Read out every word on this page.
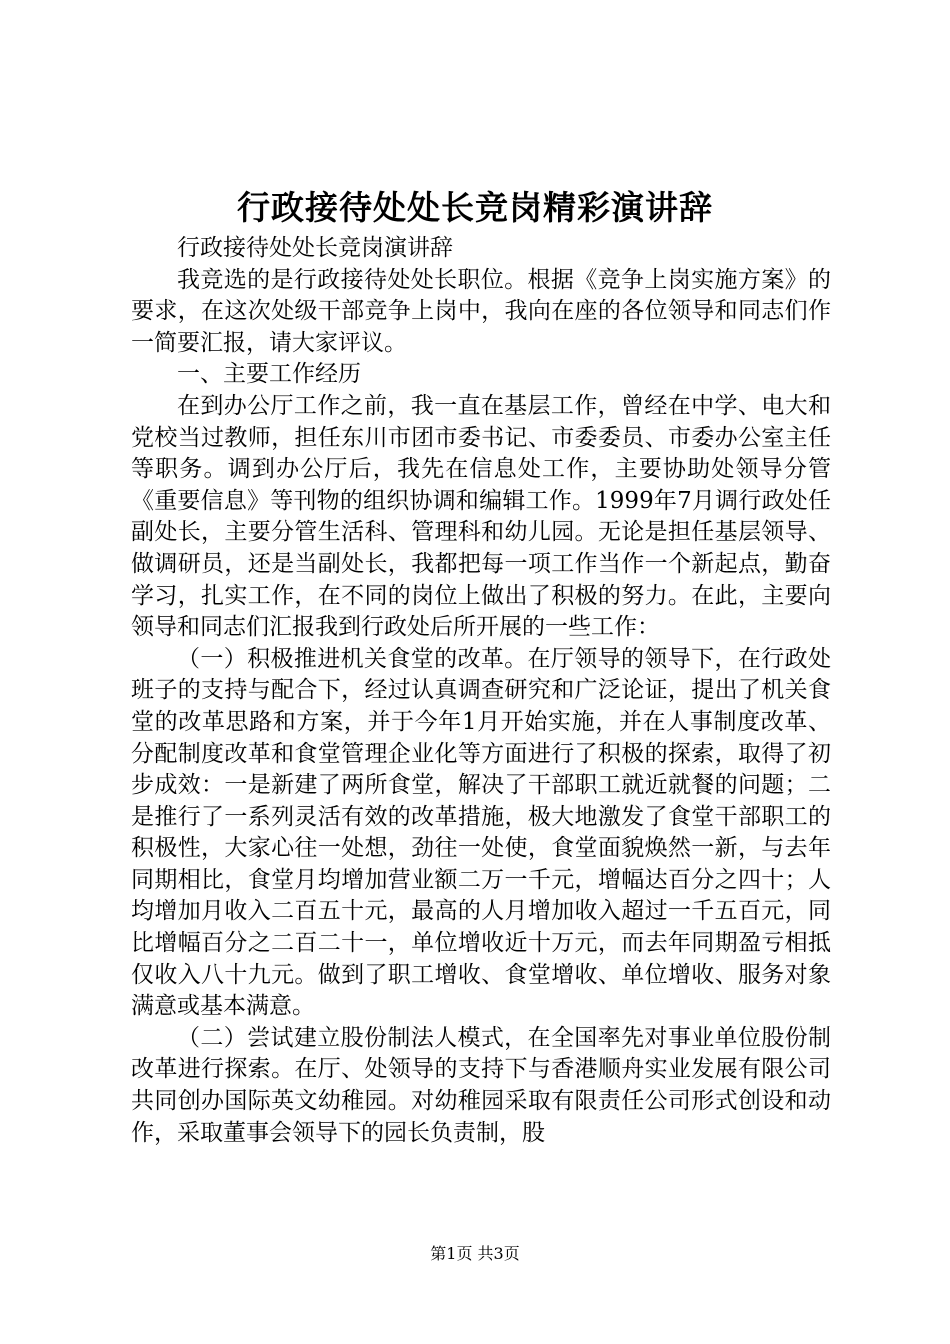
行政接待处处长竞岗精彩演讲辞

行政接待处处长竞岗演讲辞

我竞选的是行政接待处处长职位。根据《竞争上岗实施方案》的要求，在这次处级干部竞争上岗中，我向在座的各位领导和同志们作一简要汇报，请大家评议。

一、主要工作经历

在到办公厅工作之前，我一直在基层工作，曾经在中学、电大和党校当过教师，担任东川市团市委书记、市委委员、市委办公室主任等职务。调到办公厅后，我先在信息处工作，主要协助处领导分管《重要信息》等刊物的组织协调和编辑工作。1999年7月调行政处任副处长，主要分管生活科、管理科和幼儿园。无论是担任基层领导、做调研员，还是当副处长，我都把每一项工作当作一个新起点，勤奋学习，扎实工作，在不同的岗位上做出了积极的努力。在此，主要向领导和同志们汇报我到行政处后所开展的一些工作：

（一）积极推进机关食堂的改革。在厅领导的领导下，在行政处班子的支持与配合下，经过认真调查研究和广泛论证，提出了机关食堂的改革思路和方案，并于今年1月开始实施，并在人事制度改革、分配制度改革和食堂管理企业化等方面进行了积极的探索，取得了初步成效：一是新建了两所食堂，解决了干部职工就近就餐的问题；二是推行了一系列灵活有效的改革措施，极大地激发了食堂干部职工的积极性，大家心往一处想，劲往一处使，食堂面貌焕然一新，与去年同期相比，食堂月均增加营业额二万一千元，增幅达百分之四十；人均增加月收入二百五十元，最高的人月增加收入超过一千五百元，同比增幅百分之二百二十一，单位增收近十万元，而去年同期盈亏相抵仅收入八十九元。做到了职工增收、食堂增收、单位增收、服务对象满意或基本满意。

（二）尝试建立股份制法人模式，在全国率先对事业单位股份制改革进行探索。在厅、处领导的支持下与香港顺舟实业发展有限公司共同创办国际英文幼稚园。对幼稚园采取有限责任公司形式创设和动作，采取董事会领导下的园长负责制，股

第1页 共3页
